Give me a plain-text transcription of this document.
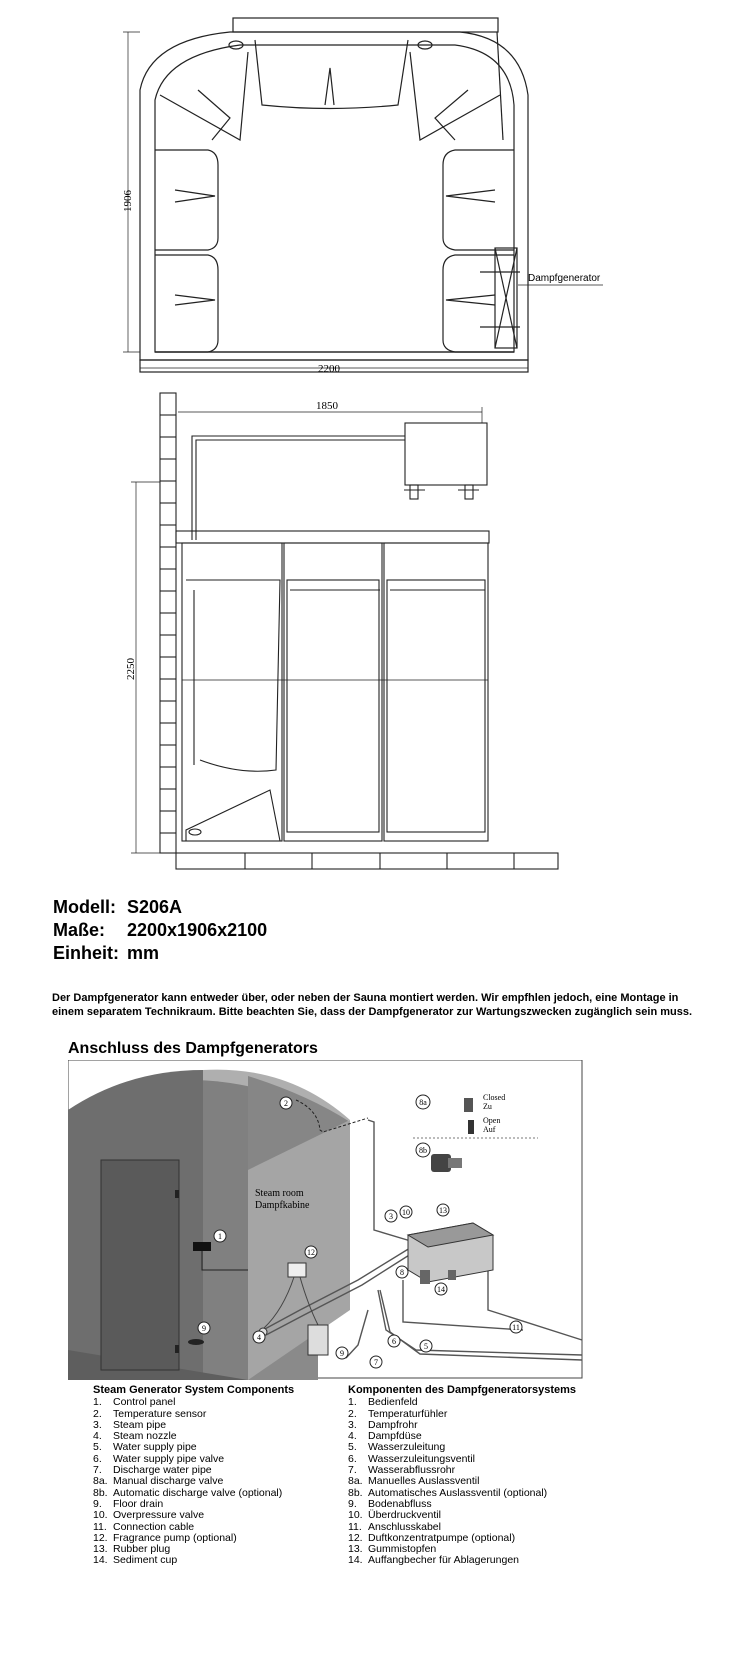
1906
2200
Dampfgenerator
1850
2250
Modell: S206A
Maße: 2200x1906x2100
Einheit: mm
Der Dampfgenerator kann entweder über, oder neben der Sauna montiert werden. Wir empfhlen jedoch, eine Montage in einem separatem Technikraum. Bitte beachten Sie, dass der Dampfgenerator zur Wartungszwecken zugänglich sein muss.
Anschluss des Dampfgenerators
1
2
3
4
5
6
7
8
8a
8b
9
9
10
11
12
13
14
Steam room
Dampfkabine
Closed
Zu
Open
Auf
Steam Generator System Components
1. Control panel
2. Temperature sensor
3. Steam pipe
4. Steam nozzle
5. Water supply pipe
6. Water supply pipe valve
7. Discharge water pipe
8a. Manual discharge valve
8b. Automatic discharge valve (optional)
9. Floor drain
10. Overpressure valve
11. Connection cable
12. Fragrance pump (optional)
13. Rubber plug
14. Sediment cup
Komponenten des Dampfgeneratorsystems
1. Bedienfeld
2. Temperaturfühler
3. Dampfrohr
4. Dampfdüse
5. Wasserzuleitung
6. Wasserzuleitungsventil
7. Wasserabflussrohr
8a. Manuelles Auslassventil
8b. Automatisches Auslassventil (optional)
9. Bodenabfluss
10. Überdruckventil
11. Anschlusskabel
12. Duftkonzentratpumpe (optional)
13. Gummistopfen
14. Auffangbecher für Ablagerungen
